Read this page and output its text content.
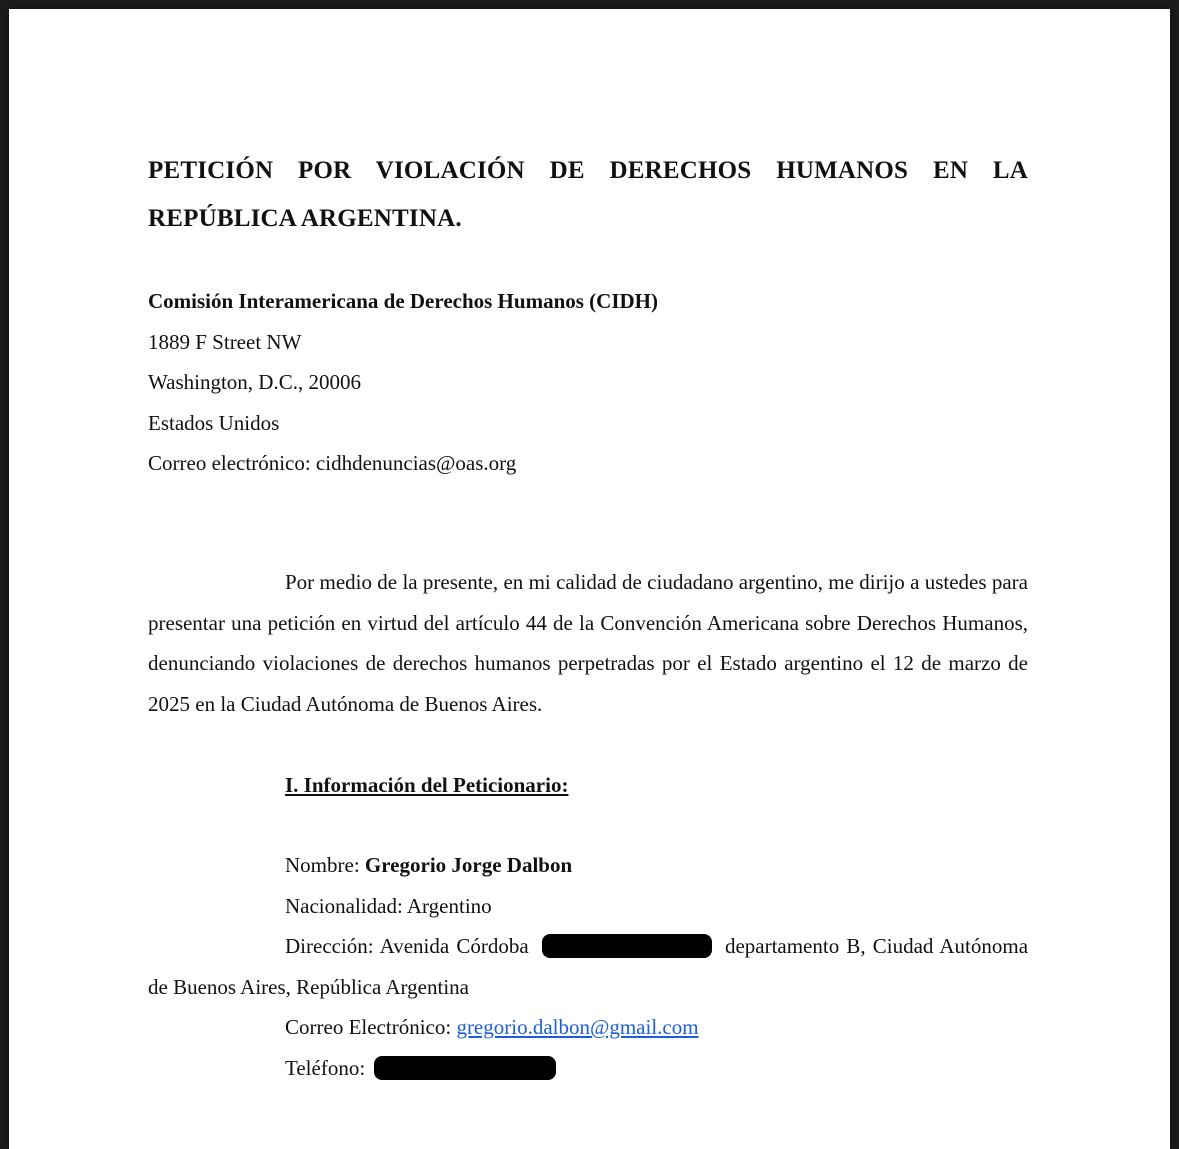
PETICIÓN POR VIOLACIÓN DE DERECHOS HUMANOS EN LA
REPÚBLICA ARGENTINA.
Comisión Interamericana de Derechos Humanos (CIDH)
1889 F Street NW
Washington, D.C., 20006
Estados Unidos
Correo electrónico: cidhdenuncias@oas.org
Por medio de la presente, en mi calidad de ciudadano argentino, me dirijo a ustedes para presentar una petición en virtud del artículo 44 de la Convención Americana sobre Derechos Humanos, denunciando violaciones de derechos humanos perpetradas por el Estado argentino el 12 de marzo de 2025 en la Ciudad Autónoma de Buenos Aires.
I. Información del Peticionario:
Nombre: Gregorio Jorge Dalbon
Nacionalidad: Argentino
Dirección: Avenida Córdoba	departamento B, Ciudad Autónoma de Buenos Aires, República Argentina
Correo Electrónico: gregorio.dalbon@gmail.com
Teléfono:
